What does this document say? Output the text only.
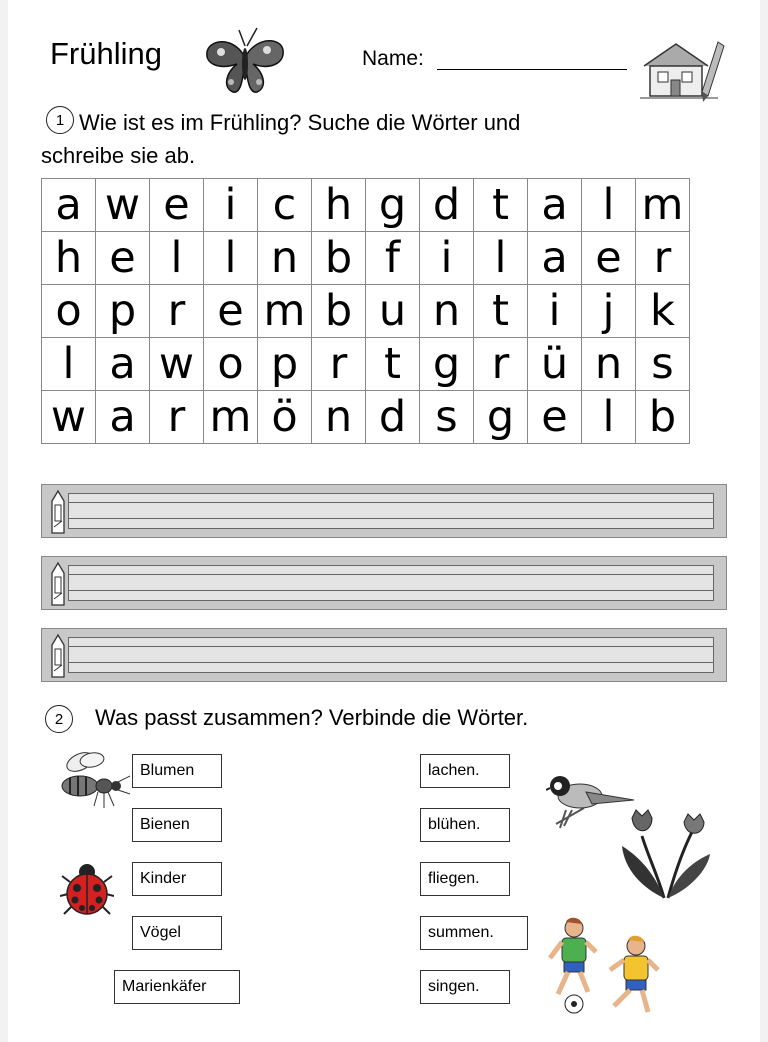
Frühling	Name:
1 Wie ist es im Frühling? Suche die Wörter und
schreibe sie ab.
a	w	e	i	c	h	g	d	t	a	l	m
h	e	l	l	n	b	f	i	l	a	e	r
o	p	r	e	m	b	u	n	t	i	j	k
l	a	w	o	p	r	t	g	r	ü	n	s
w	a	r	m	ö	n	d	s	g	e	l	b
2	Was passt zusammen? Verbinde die Wörter.
Blumen
Bienen
Kinder
Vögel
Marienkäfer
lachen.
blühen.
fliegen.
summen.
singen.
